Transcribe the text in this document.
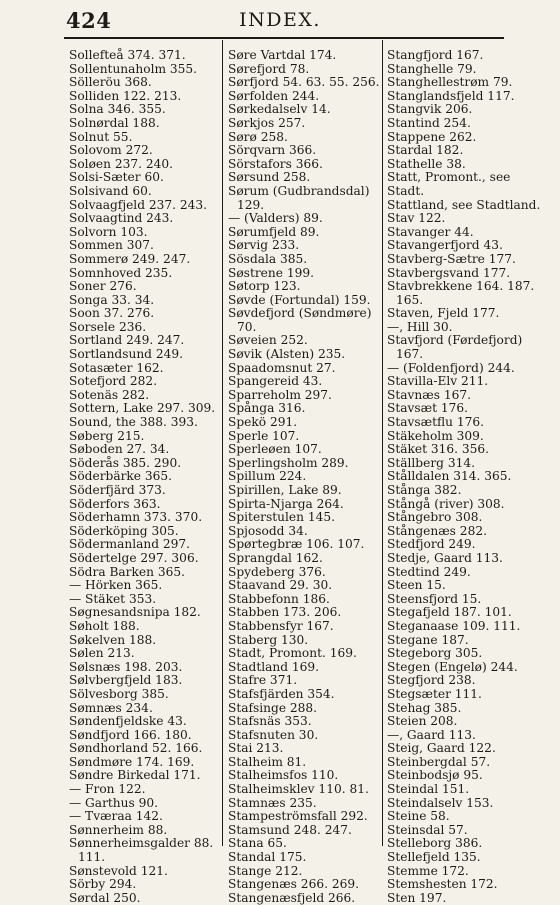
424	INDEX.
Sollefteå 374. 371.
Sollentunaholm 355.
Sölleröu 368.
Solliden 122. 213.
Solna 346. 355.
Solnørdal 188.
Solnut 55.
Solovom 272.
Soløen 237. 240.
Solsi-Sæter 60.
Solsivand 60.
Solvaagfjeld 237. 243.
Solvaagtind 243.
Solvorn 103.
Sommen 307.
Sommerø 249. 247.
Somnhoved 235.
Soner 276.
Songa 33. 34.
Soon 37. 276.
Sorsele 236.
Sortland 249. 247.
Sortlandsund 249.
Sotasæter 162.
Sotefjord 282.
Sotenäs 282.
Sottern, Lake 297. 309.
Sound, the 388. 393.
Søberg 215.
Søboden 27. 34.
Söderås 385. 290.
Söderbärke 365.
Söderfjärd 373.
Söderfors 363.
Söderhamn 373. 370.
Söderköping 305.
Södermanland 297.
Södertelge 297. 306.
Södra Barken 365.
— Hörken 365.
— Stäket 353.
Søgnesandsnipa 182.
Søholt 188.
Søkelven 188.
Sølen 213.
Sølsnæs 198. 203.
Sølvbergfjeld 183.
Sölvesborg 385.
Sømnæs 234.
Søndenfjeldske 43.
Søndfjord 166. 180.
Søndhorland 52. 166.
Søndmøre 174. 169.
Søndre Birkedal 171.
— Fron 122.
— Garthus 90.
— Tværaa 142.
Sønnerheim 88.
Sønnerheimsgalder 88.
111.
Sønstevold 121.
Sörby 294.
Sørdal 250.
Søre Vartdal 174.
Sørefjord 78.
Sørfjord 54. 63. 55. 256.
Sørfolden 244.
Sørkedalselv 14.
Sørkjos 257.
Sørø 258.
Sörqvarn 366.
Sörstafors 366.
Sørsund 258.
Sørum (Gudbrandsdal)
129.
— (Valders) 89.
Sørumfjeld 89.
Sørvig 233.
Sösdala 385.
Søstrene 199.
Søtorp 123.
Søvde (Fortundal) 159.
Søvdefjord (Søndmøre)
70.
Søveien 252.
Søvik (Alsten) 235.
Spaadomsnut 27.
Spangereid 43.
Sparreholm 297.
Spånga 316.
Spekö 291.
Sperle 107.
Sperleøen 107.
Sperlingsholm 289.
Spillum 224.
Spirillen, Lake 89.
Spirta-Njarga 264.
Spiterstulen 145.
Spjosodd 34.
Spørtegbræ 106. 107.
Sprangdal 162.
Spydeberg 376.
Staavand 29. 30.
Stabbefonn 186.
Stabben 173. 206.
Stabbensfyr 167.
Staberg 130.
Stadt, Promont. 169.
Stadtland 169.
Stafre 371.
Stafsfjärden 354.
Stafsinge 288.
Stafsnäs 353.
Stafsnuten 30.
Stai 213.
Stalheim 81.
Stalheimsfos 110.
Stalheimsklev 110. 81.
Stamnæs 235.
Stampeströmsfall 292.
Stamsund 248. 247.
Stana 65.
Standal 175.
Stange 212.
Stangenæs 266. 269.
Stangenæsfjeld 266.
Stangfjord 167.
Stanghelle 79.
Stanghellestrøm 79.
Stanglandsfjeld 117.
Stangvik 206.
Stantind 254.
Stappene 262.
Stardal 182.
Stathelle 38.
Statt, Promont., see
Stadt.
Stattland, see Stadtland.
Stav 122.
Stavanger 44.
Stavangerfjord 43.
Stavberg-Sætre 177.
Stavbergsvand 177.
Stavbrekkene 164. 187.
165.
Staven, Fjeld 177.
—, Hill 30.
Stavfjord (Førdefjord)
167.
— (Foldenfjord) 244.
Stavilla-Elv 211.
Stavnæs 167.
Stavsæt 176.
Stavsætflu 176.
Stäkeholm 309.
Stäket 316. 356.
Ställberg 314.
Stålldalen 314. 365.
Stånga 382.
Stångå (river) 308.
Stångebro 308.
Stångenæs 282.
Stedfjord 249.
Stedje, Gaard 113.
Stedtind 249.
Steen 15.
Steensfjord 15.
Stegafjeld 187. 101.
Steganaase 109. 111.
Stegane 187.
Stegeborg 305.
Stegen (Engelø) 244.
Stegfjord 238.
Stegsæter 111.
Stehag 385.
Steien 208.
—, Gaard 113.
Steig, Gaard 122.
Steinbergdal 57.
Steinbodsjø 95.
Steindal 151.
Steindalselv 153.
Steine 58.
Steinsdal 57.
Stelleborg 386.
Stellefjeld 135.
Stemme 172.
Stemshesten 172.
Sten 197.
